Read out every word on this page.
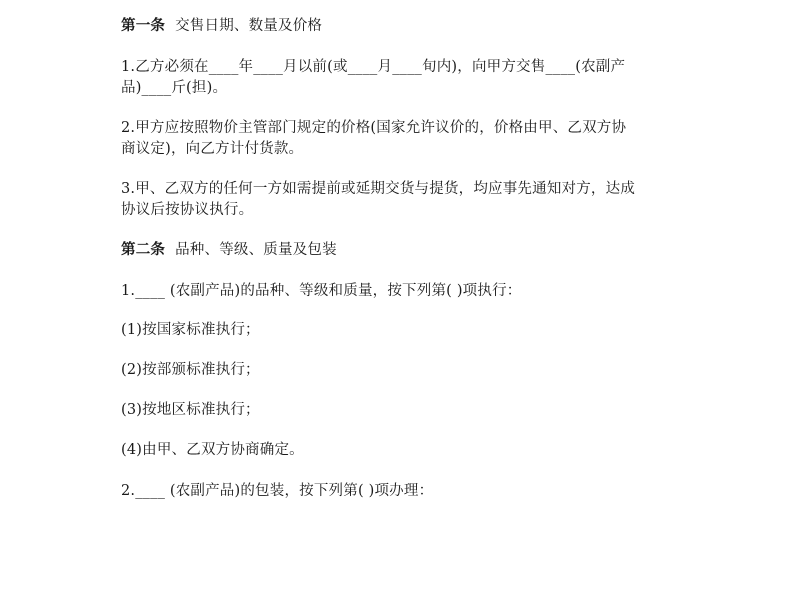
第一条 交售日期、数量及价格
1.乙方必须在____年____月以前(或____月____旬内)，向甲方交售____(农副产
品)____斤(担)。
2.甲方应按照物价主管部门规定的价格(国家允许议价的，价格由甲、乙双方协
商议定)，向乙方计付货款。
3.甲、乙双方的任何一方如需提前或延期交货与提货，均应事先通知对方，达成
协议后按协议执行。
第二条 品种、等级、质量及包装
1.____ (农副产品)的品种、等级和质量，按下列第( )项执行：
(1)按国家标准执行；
(2)按部颁标准执行；
(3)按地区标准执行；
(4)由甲、乙双方协商确定。
2.____ (农副产品)的包装，按下列第( )项办理：
